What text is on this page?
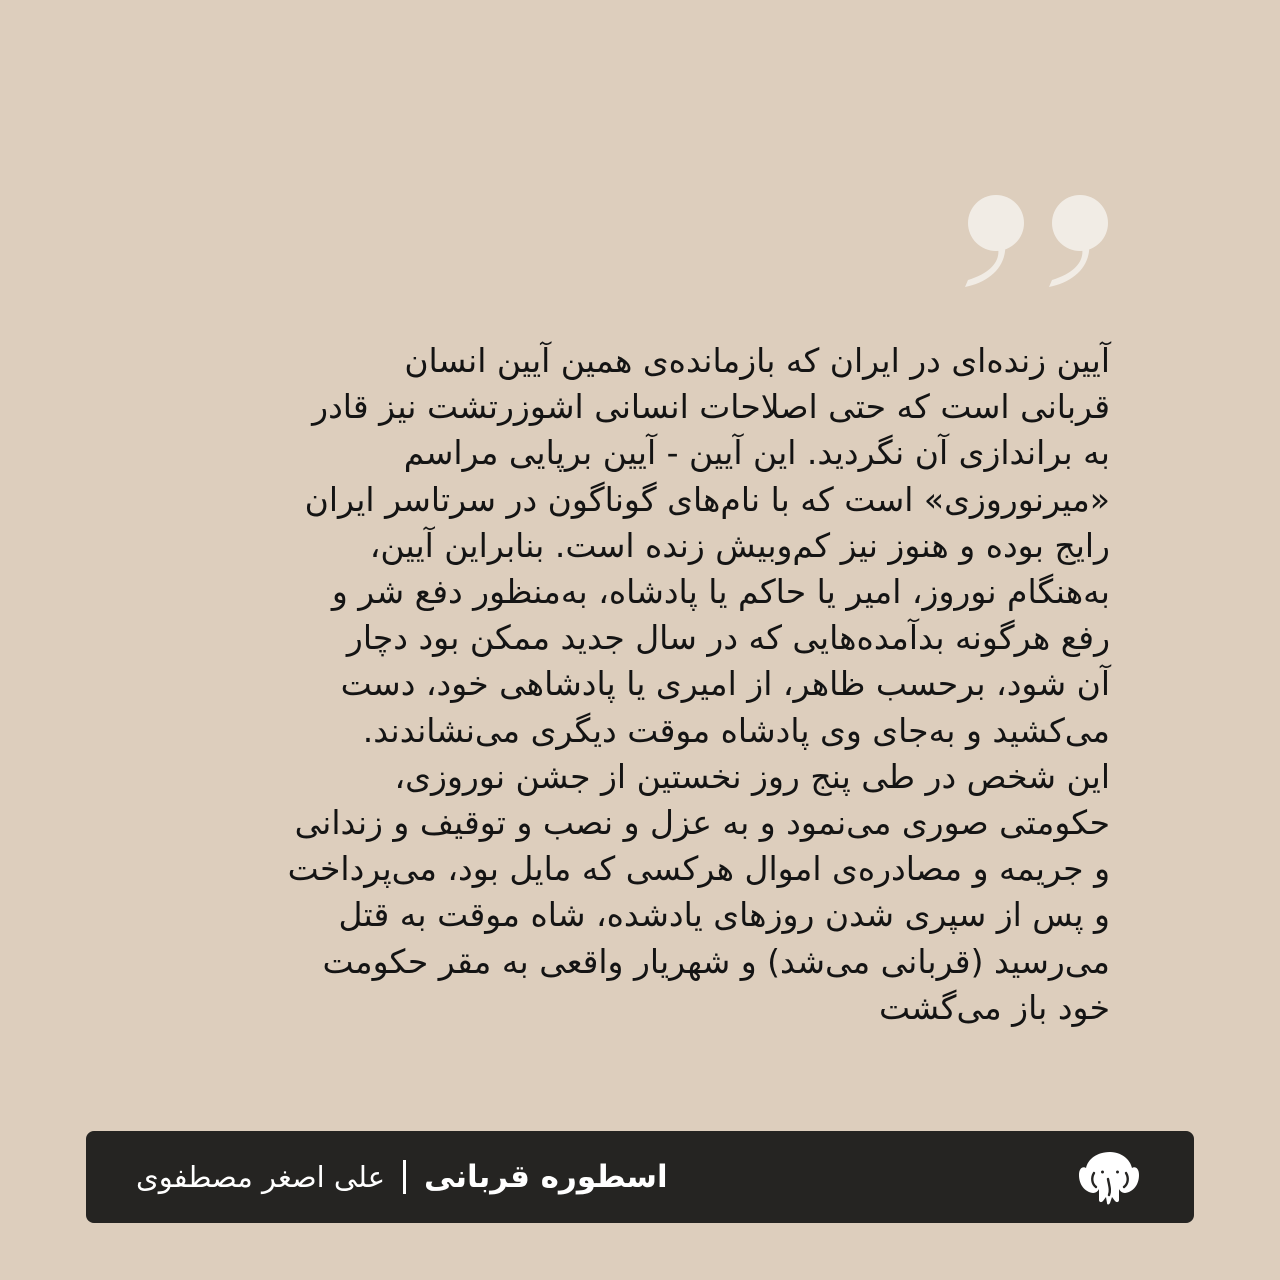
آیین زنده‌ای در ایران که بازمانده‌ی همین آیین انسان
قربانی است که حتی اصلاحات انسانی اشوزرتشت نیز قادر
به براندازی آن نگردید. این آیین - آیین برپایی مراسم
«میرنوروزی» است که با نام‌های گوناگون در سرتاسر ایران
رایج بوده و هنوز نیز کم‌وبیش زنده است. بنابراین آیین،
به‌هنگام نوروز، امیر یا حاکم یا پادشاه، به‌منظور دفع شر و
رفع هرگونه بدآمده‌هایی که در سال جدید ممکن بود دچار
آن شود، برحسب ظاهر، از امیری یا پادشاهی خود، دست
می‌کشید و به‌جای وی پادشاه موقت دیگری می‌نشاندند.
این شخص در طی پنج روز نخستین از جشن نوروزی،
حکومتی صوری می‌نمود و به عزل و نصب و توقیف و زندانی
و جریمه و مصادره‌ی اموال هرکسی که مایل بود، می‌پرداخت
و پس از سپری شدن روزهای یادشده، شاه موقت به قتل
می‌رسید (قربانی می‌شد) و شهریار واقعی به مقر حکومت
خود باز می‌گشت

اسطوره قربانی
علی اصغر مصطفوی
